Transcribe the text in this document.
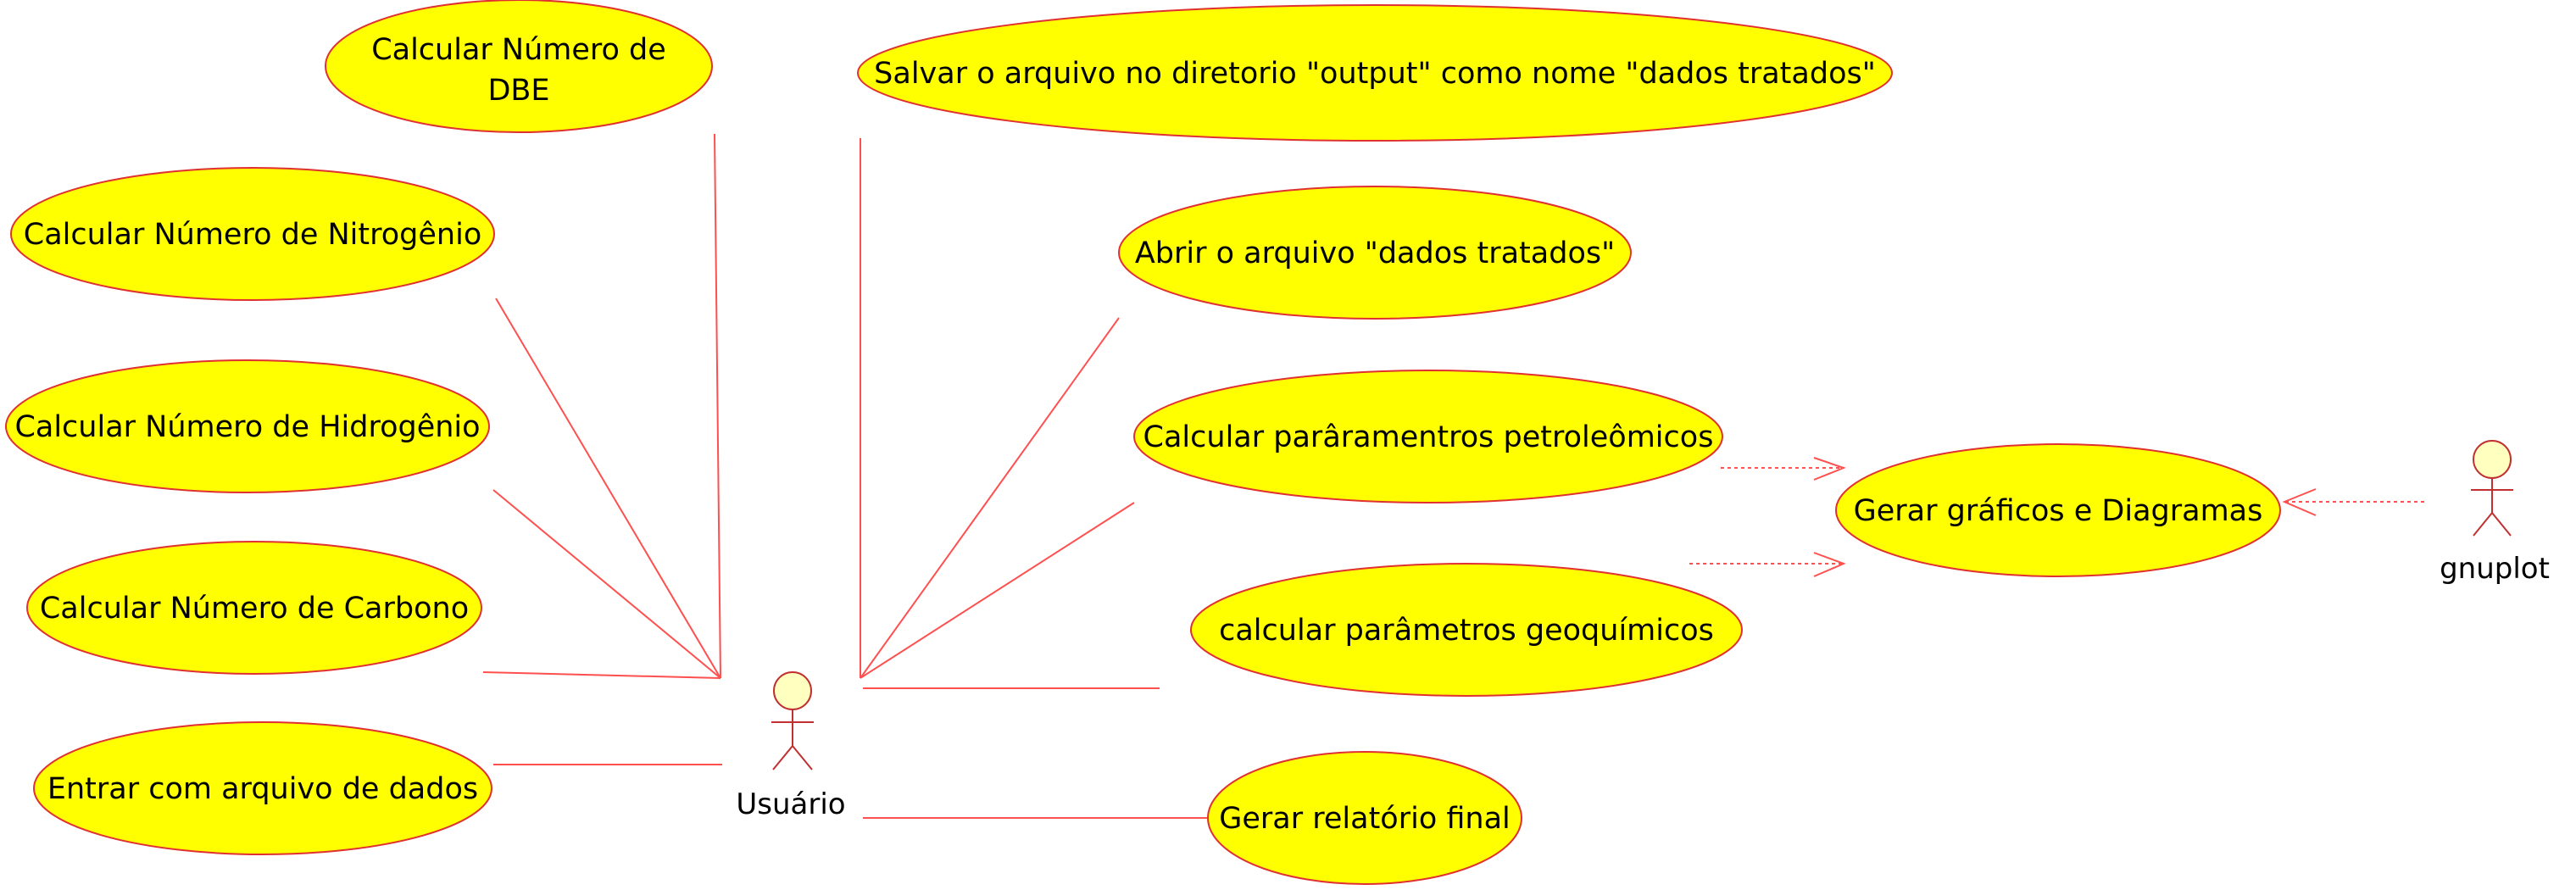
Calcular Número de
DBE
Calcular Número de Nitrogênio
Calcular Número de Hidrogênio
Calcular Número de Carbono
Entrar com arquivo de dados
Salvar o arquivo no diretorio "output" como nome "dados tratados"
Abrir o arquivo "dados tratados"
Calcular parâramentros petroleômicos
calcular parâmetros geoquímicos
Gerar relatório final
Gerar gráficos e Diagramas
Usuário
gnuplot
